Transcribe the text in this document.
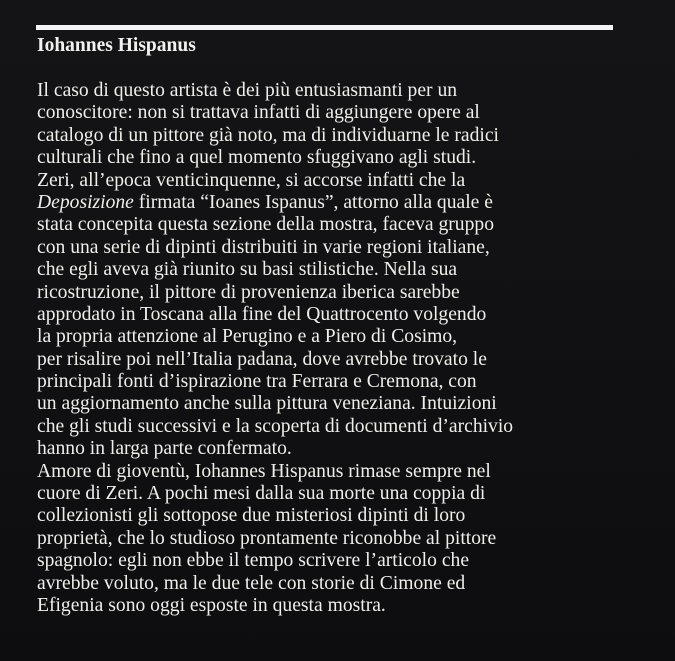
Iohannes Hispanus
Il caso di questo artista è dei più entusiasmanti per un
conoscitore: non si trattava infatti di aggiungere opere al
catalogo di un pittore già noto, ma di individuarne le radici
culturali che fino a quel momento sfuggivano agli studi.
Zeri, all’epoca venticinquenne, si accorse infatti che la
Deposizione firmata “Ioanes Ispanus”, attorno alla quale è
stata concepita questa sezione della mostra, faceva gruppo
con una serie di dipinti distribuiti in varie regioni italiane,
che egli aveva già riunito su basi stilistiche. Nella sua
ricostruzione, il pittore di provenienza iberica sarebbe
approdato in Toscana alla fine del Quattrocento volgendo
la propria attenzione al Perugino e a Piero di Cosimo,
per risalire poi nell’Italia padana, dove avrebbe trovato le
principali fonti d’ispirazione tra Ferrara e Cremona, con
un aggiornamento anche sulla pittura veneziana. Intuizioni
che gli studi successivi e la scoperta di documenti d’archivio
hanno in larga parte confermato.
Amore di gioventù, Iohannes Hispanus rimase sempre nel
cuore di Zeri. A pochi mesi dalla sua morte una coppia di
collezionisti gli sottopose due misteriosi dipinti di loro
proprietà, che lo studioso prontamente riconobbe al pittore
spagnolo: egli non ebbe il tempo scrivere l’articolo che
avrebbe voluto, ma le due tele con storie di Cimone ed
Efigenia sono oggi esposte in questa mostra.
